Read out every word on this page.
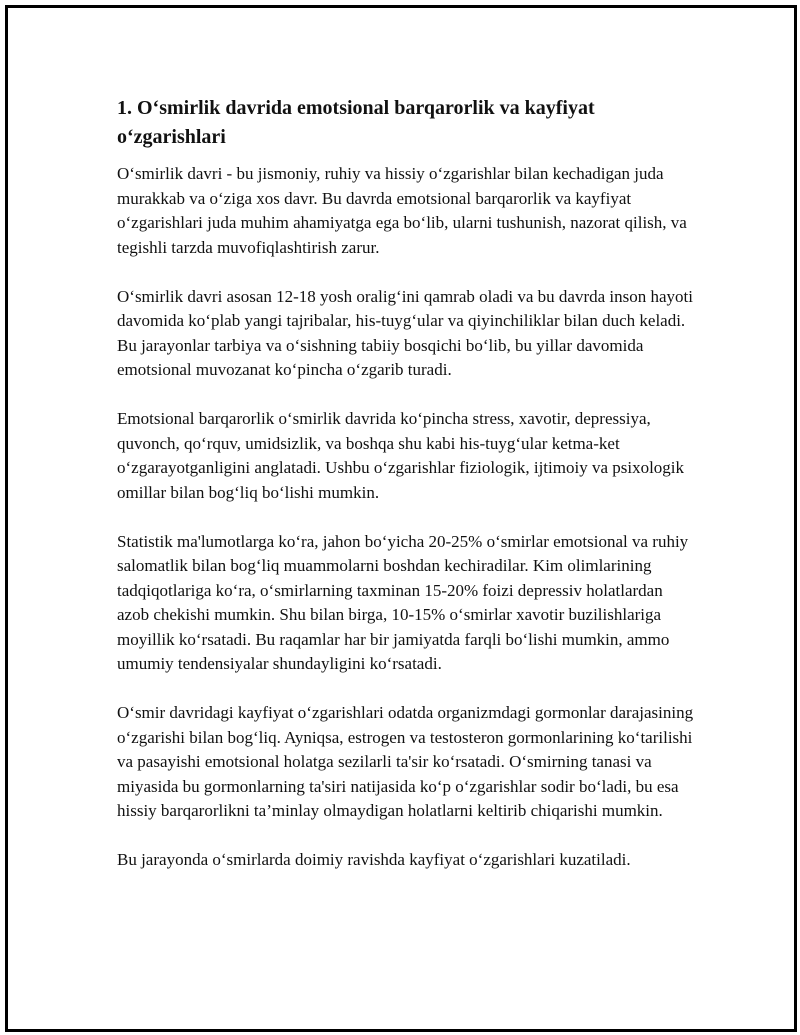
1. O‘smirlik davrida emotsional barqarorlik va kayfiyat o‘zgarishlari

O‘smirlik davri - bu jismoniy, ruhiy va hissiy o‘zgarishlar bilan kechadigan juda murakkab va o‘ziga xos davr. Bu davrda emotsional barqarorlik va kayfiyat o‘zgarishlari juda muhim ahamiyatga ega bo‘lib, ularni tushunish, nazorat qilish, va tegishli tarzda muvofiqlashtirish zarur.

O‘smirlik davri asosan 12-18 yosh oralig‘ini qamrab oladi va bu davrda inson hayoti davomida ko‘plab yangi tajribalar, his-tuyg‘ular va qiyinchiliklar bilan duch keladi. Bu jarayonlar tarbiya va o‘sishning tabiiy bosqichi bo‘lib, bu yillar davomida emotsional muvozanat ko‘pincha o‘zgarib turadi.

Emotsional barqarorlik o‘smirlik davrida ko‘pincha stress, xavotir, depressiya, quvonch, qo‘rquv, umidsizlik, va boshqa shu kabi his-tuyg‘ular ketma-ket o‘zgarayotganligini anglatadi. Ushbu o‘zgarishlar fiziologik, ijtimoiy va psixologik omillar bilan bog‘liq bo‘lishi mumkin.

Statistik ma'lumotlarga ko‘ra, jahon bo‘yicha 20-25% o‘smirlar emotsional va ruhiy salomatlik bilan bog‘liq muammolarni boshdan kechiradilar. Kim olimlarining tadqiqotlariga ko‘ra, o‘smirlarning taxminan 15-20% foizi depressiv holatlardan azob chekishi mumkin. Shu bilan birga, 10-15% o‘smirlar xavotir buzilishlariga moyillik ko‘rsatadi. Bu raqamlar har bir jamiyatda farqli bo‘lishi mumkin, ammo umumiy tendensiyalar shundayligini ko‘rsatadi.

O‘smir davridagi kayfiyat o‘zgarishlari odatda organizmdagi gormonlar darajasining o‘zgarishi bilan bog‘liq. Ayniqsa, estrogen va testosteron gormonlarining ko‘tarilishi va pasayishi emotsional holatga sezilarli ta'sir ko‘rsatadi. O‘smirning tanasi va miyasida bu gormonlarning ta'siri natijasida ko‘p o‘zgarishlar sodir bo‘ladi, bu esa hissiy barqarorlikni ta’minlay olmaydigan holatlarni keltirib chiqarishi mumkin.

Bu jarayonda o‘smirlarda doimiy ravishda kayfiyat o‘zgarishlari kuzatiladi.
